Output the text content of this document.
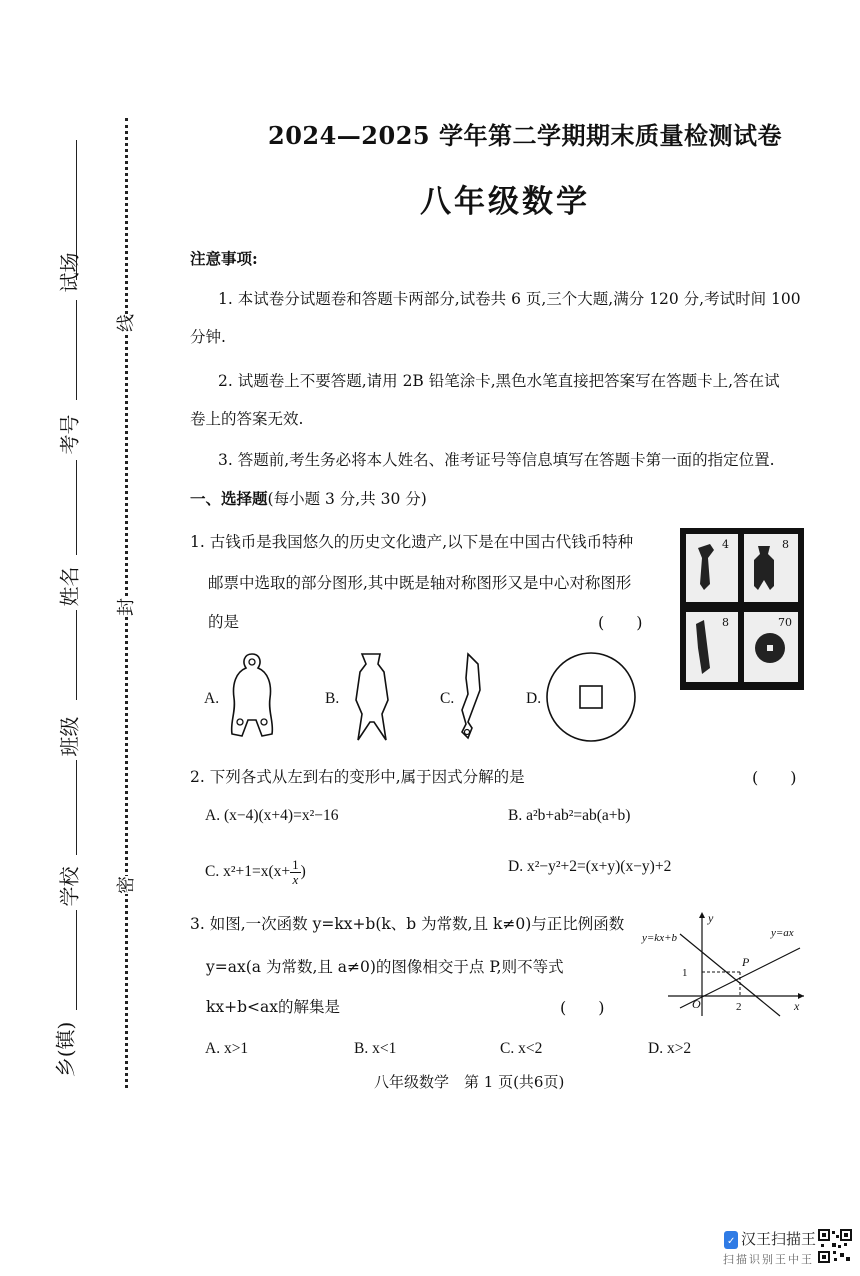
试场
考号
姓名
班级
学校
乡(镇)
线
封
密
2024—2025 学年第二学期期末质量检测试卷
八年级数学
注意事项:
1. 本试卷分试题卷和答题卡两部分,试卷共 6 页,三个大题,满分 120 分,考试时间 100
分钟.
2. 试题卷上不要答题,请用 2B 铅笔涂卡,黑色水笔直接把答案写在答题卡上,答在试
卷上的答案无效.
3. 答题前,考生务必将本人姓名、准考证号等信息填写在答题卡第一面的指定位置.
一、选择题(每小题 3 分,共 30 分)
1. 古钱币是我国悠久的历史文化遗产,以下是在中国古代钱币特种
邮票中选取的部分图形,其中既是轴对称图形又是中心对称图形
的是	(　　)
4	8
8	70
A.	B.	C.	D.
2. 下列各式从左到右的变形中,属于因式分解的是	(　　)
A. (x−4)(x+4)=x²−16	B. a²b+ab²=ab(a+b)
C. $x^2+1=x(x+ \frac{1}{x}$ )	D. x²−y²+2=(x+y)(x−y)+2
3. 如图,一次函数 y=kx+b(k、b 为常数,且 k≠0)与正比例函数
y=ax(a 为常数,且 a≠0)的图像相交于点 P,则不等式
kx+b<ax的解集是	(　　)
y=kx+b	y=ax
y
x
O
P
2
1
A. x>1	B. x<1	C. x<2	D. x>2
八年级数学　第 1 页(共6页)
✓ 汉王扫描王
扫描识别王中王
